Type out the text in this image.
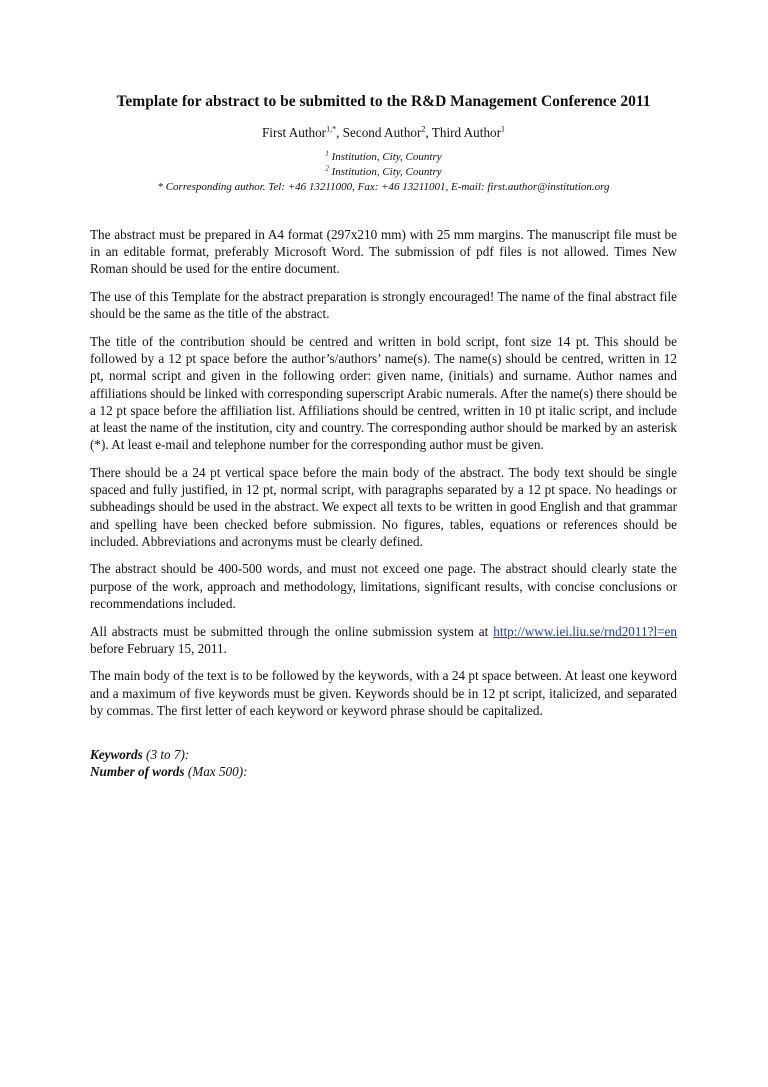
Template for abstract to be submitted to the R&D Management Conference 2011
First Author$^{1,*}$, Second Author$^2$, Third Author$^1$
$^1$ Institution, City, Country
$^2$ Institution, City, Country
* Corresponding author. Tel: +46 13211000, Fax: +46 13211001, E-mail: first.author@institution.org

The abstract must be prepared in A4 format (297x210 mm) with 25 mm margins. The manuscript file must be in an editable format, preferably Microsoft Word. The submission of pdf files is not allowed. Times New Roman should be used for the entire document.

The use of this Template for the abstract preparation is strongly encouraged! The name of the final abstract file should be the same as the title of the abstract.

The title of the contribution should be centred and written in bold script, font size 14 pt. This should be followed by a 12 pt space before the author’s/authors’ name(s). The name(s) should be centred, written in 12 pt, normal script and given in the following order: given name, (initials) and surname. Author names and affiliations should be linked with corresponding superscript Arabic numerals. After the name(s) there should be a 12 pt space before the affiliation list. Affiliations should be centred, written in 10 pt italic script, and include at least the name of the institution, city and country. The corresponding author should be marked by an asterisk (*). At least e-mail and telephone number for the corresponding author must be given.

There should be a 24 pt vertical space before the main body of the abstract. The body text should be single spaced and fully justified, in 12 pt, normal script, with paragraphs separated by a 12 pt space. No headings or subheadings should be used in the abstract. We expect all texts to be written in good English and that grammar and spelling have been checked before submission. No figures, tables, equations or references should be included. Abbreviations and acronyms must be clearly defined.

The abstract should be 400-500 words, and must not exceed one page. The abstract should clearly state the purpose of the work, approach and methodology, limitations, significant results, with concise conclusions or recommendations included.

All abstracts must be submitted through the online submission system at http://www.iei.liu.se/rnd2011?l=en before February 15, 2011.

The main body of the text is to be followed by the keywords, with a 24 pt space between. At least one keyword and a maximum of five keywords must be given. Keywords should be in 12 pt script, italicized, and separated by commas. The first letter of each keyword or keyword phrase should be capitalized.

Keywords (3 to 7):
Number of words (Max 500):
